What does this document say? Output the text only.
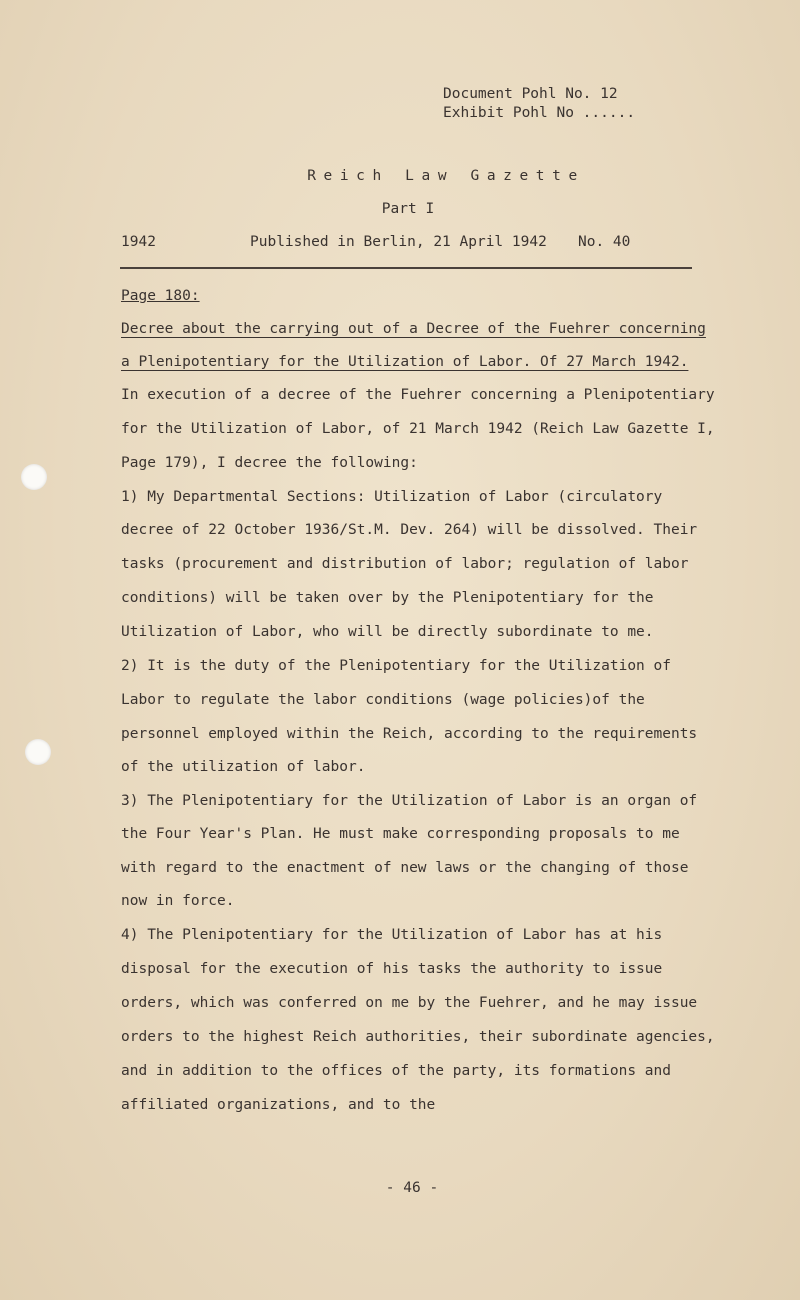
Document Pohl No. 12
Exhibit Pohl No ......
Reich Law Gazette
Part I
1942	Published in Berlin, 21 April 1942 No. 40
Page 180:
Decree about the carrying out of a Decree of the Fuehrer concerning
a Plenipotentiary for the Utilization of Labor. Of 27 March 1942.
In execution of a decree of the Fuehrer concerning a Plenipotentiary
for the Utilization of Labor, of 21 March 1942 (Reich Law Gazette I,
Page 179), I decree the following:
1) My Departmental Sections: Utilization of Labor (circulatory
decree of 22 October 1936/St.M. Dev. 264) will be dissolved. Their
tasks (procurement and distribution of labor; regulation of labor
conditions) will be taken over by the Plenipotentiary for the
Utilization of Labor, who will be directly subordinate to me.
2) It is the duty of the Plenipotentiary for the Utilization of
Labor to regulate the labor conditions (wage policies)of the
personnel employed within the Reich, according to the requirements
of the utilization of labor.
3) The Plenipotentiary for the Utilization of Labor is an organ of
the Four Year's Plan. He must make corresponding proposals to me
with regard to the enactment of new laws or the changing of those
now in force.
4) The Plenipotentiary for the Utilization of Labor has at his
disposal for the execution of his tasks the authority to issue
orders, which was conferred on me by the Fuehrer, and he may issue
orders to the highest Reich authorities, their subordinate agencies,
and in addition to the offices of the party, its formations and
affiliated organizations, and to the
- 46 -
